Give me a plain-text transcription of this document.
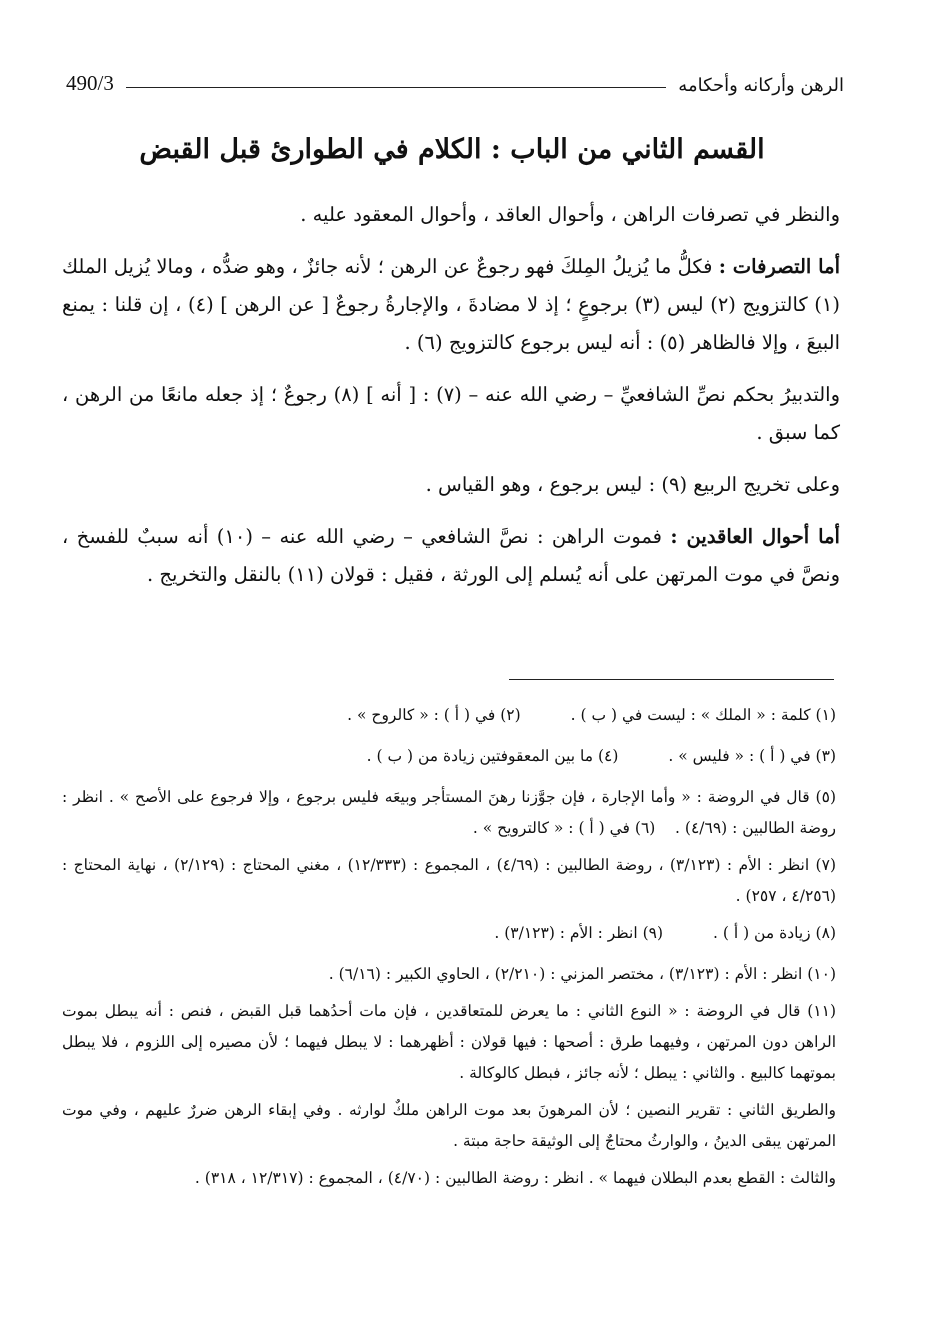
490/3	الرهن وأركانه وأحكامه
القسم الثاني من الباب : الكلام في الطوارئ قبل القبض

والنظر في تصرفات الراهن ، وأحوال العاقد ، وأحوال المعقود عليه .

أما التصرفات : فكلُّ ما يُزيلُ المِلكَ فهو رجوعٌ عن الرهن ؛ لأنه جائزٌ ، وهو ضدُّه ، ومالا يُزيل الملك (١) كالتزويج (٢) ليس (٣) برجوعٍ ؛ إذ لا مضادةَ ، والإجارةُ رجوعٌ [ عن الرهن ] (٤) ، إن قلنا : يمنع البيعَ ، وإلا فالظاهر (٥) : أنه ليس برجوع كالتزويج (٦) .

والتدبيرُ بحكم نصِّ الشافعيِّ – رضي الله عنه – (٧) : [ أنه ] (٨) رجوعٌ ؛ إذ جعله مانعًا من الرهن ، كما سبق .

وعلى تخريج الربيع (٩) : ليس برجوع ، وهو القياس .

أما أحوال العاقدين : فموت الراهن : نصَّ الشافعي – رضي الله عنه – (١٠) أنه سببٌ للفسخ ، ونصَّ في موت المرتهن على أنه يُسلم إلى الورثة ، فقيل : قولان (١١) بالنقل والتخريج .

(١) كلمة : « الملك » : ليست في ( ب ) .
(٢) في ( أ ) : « كالروح » .
(٣) في ( أ ) : « فليس » .
(٤) ما بين المعقوفتين زيادة من ( ب ) .

(٥) قال في الروضة : « وأما الإجارة ، فإن جوَّزنا رهنَ المستأجر وبيعَه فليس برجوع ، وإلا فرجوع على الأصح » . انظر : روضة الطالبين : (٤/٦٩) .    (٦) في ( أ ) : « كالترويح » .

(٧) انظر : الأم : (٣/١٢٣) ، روضة الطالبين : (٤/٦٩) ، المجموع : (١٢/٣٣٣) ، مغني المحتاج : (٢/١٢٩) ، نهاية المحتاج : (٤/٢٥٦ ، ٢٥٧) .

(٨) زيادة من ( أ ) .
(٩) انظر : الأم : (٣/١٢٣) .

(١٠) انظر : الأم : (٣/١٢٣) ، مختصر المزني : (٢/٢١٠) ، الحاوي الكبير : (٦/١٦) .

(١١) قال في الروضة : « النوع الثاني : ما يعرض للمتعاقدين ، فإن مات أحدُهما قبل القبض ، فنص : أنه يبطل بموت الراهن دون المرتهن ، وفيهما طرق : أصحها : فيها قولان : أظهرهما : لا يبطل فيهما ؛ لأن مصيره إلى اللزوم ، فلا يبطل بموتهما كالبيع . والثاني : يبطل ؛ لأنه جائز ، فبطل كالوكالة .

والطريق الثاني : تقرير النصين ؛ لأن المرهونَ بعد موت الراهن ملكٌ لوارثه . وفي إبقاء الرهن ضررٌ عليهم ، وفي موت المرتهن يبقى الدينُ ، والوارثُ محتاجٌ إلى الوثيقة حاجة مبتة .

والثالث : القطع بعدم البطلان فيهما » . انظر : روضة الطالبين : (٤/٧٠) ، المجموع : (١٢/٣١٧ ، ٣١٨) .
